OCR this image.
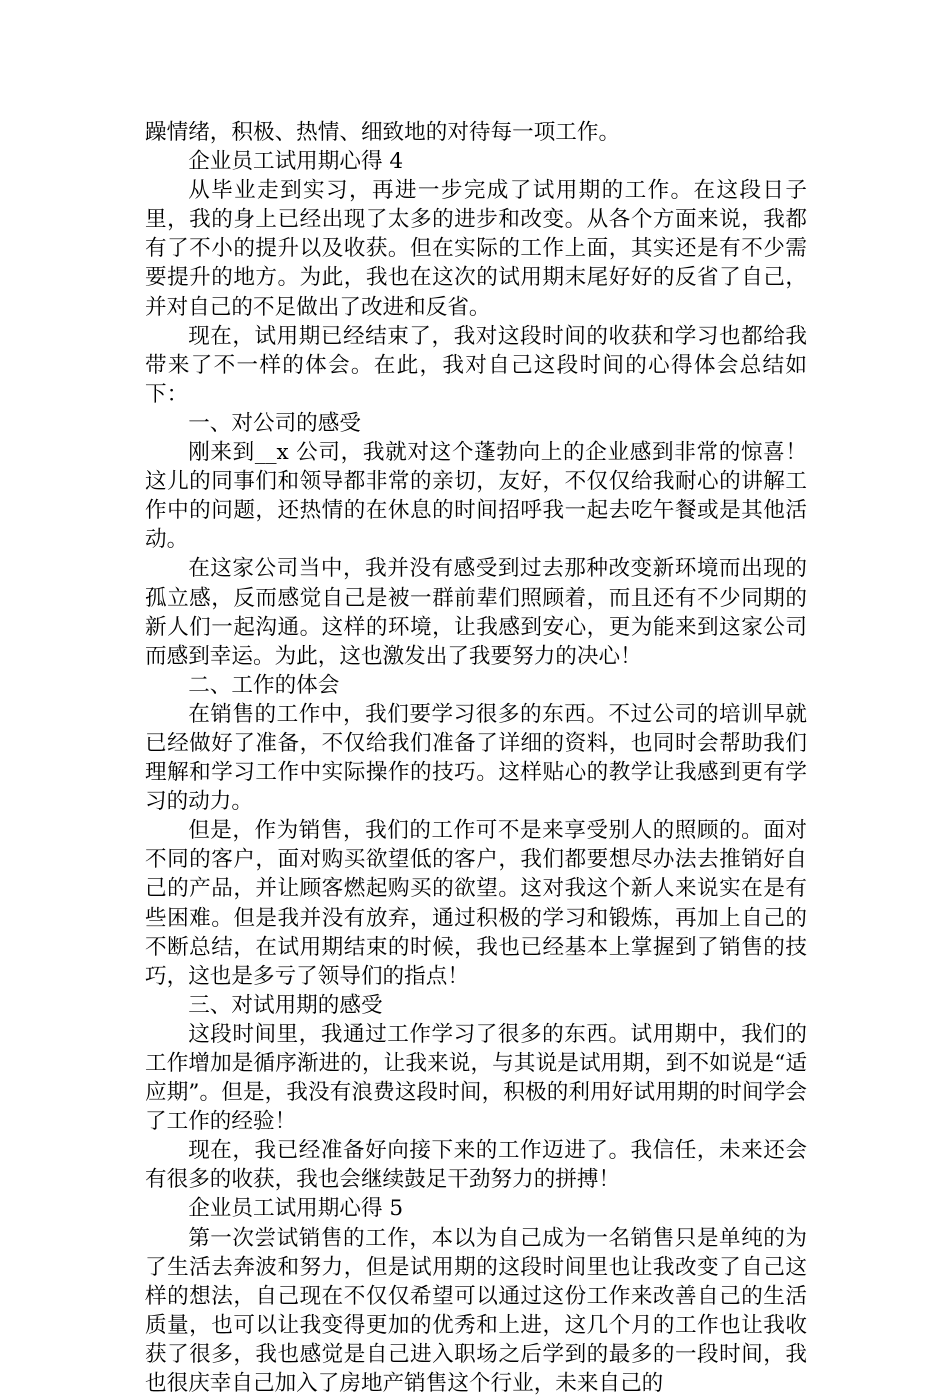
躁情绪，积极、热情、细致地的对待每一项工作。

企业员工试用期心得 4

从毕业走到实习，再进一步完成了试用期的工作。在这段日子里，我的身上已经出现了太多的进步和改变。从各个方面来说，我都有了不小的提升以及收获。但在实际的工作上面，其实还是有不少需要提升的地方。为此，我也在这次的试用期末尾好好的反省了自己，并对自己的不足做出了改进和反省。

现在，试用期已经结束了，我对这段时间的收获和学习也都给我带来了不一样的体会。在此，我对自己这段时间的心得体会总结如下：

一、对公司的感受

刚来到__x 公司，我就对这个蓬勃向上的企业感到非常的惊喜！这儿的同事们和领导都非常的亲切，友好，不仅仅给我耐心的讲解工作中的问题，还热情的在休息的时间招呼我一起去吃午餐或是其他活动。

在这家公司当中，我并没有感受到过去那种改变新环境而出现的孤立感，反而感觉自己是被一群前辈们照顾着，而且还有不少同期的新人们一起沟通。这样的环境，让我感到安心，更为能来到这家公司而感到幸运。为此，这也激发出了我要努力的决心！

二、工作的体会

在销售的工作中，我们要学习很多的东西。不过公司的培训早就已经做好了准备，不仅给我们准备了详细的资料，也同时会帮助我们理解和学习工作中实际操作的技巧。这样贴心的教学让我感到更有学习的动力。

但是，作为销售，我们的工作可不是来享受别人的照顾的。面对不同的客户，面对购买欲望低的客户，我们都要想尽办法去推销好自己的产品，并让顾客燃起购买的欲望。这对我这个新人来说实在是有些困难。但是我并没有放弃，通过积极的学习和锻炼，再加上自己的不断总结，在试用期结束的时候，我也已经基本上掌握到了销售的技巧，这也是多亏了领导们的指点！

三、对试用期的感受

这段时间里，我通过工作学习了很多的东西。试用期中，我们的工作增加是循序渐进的，让我来说，与其说是试用期，到不如说是“适应期”。但是，我没有浪费这段时间，积极的利用好试用期的时间学会了工作的经验！

现在，我已经准备好向接下来的工作迈进了。我信任，未来还会有很多的收获，我也会继续鼓足干劲努力的拼搏！

企业员工试用期心得 5

第一次尝试销售的工作，本以为自己成为一名销售只是单纯的为了生活去奔波和努力，但是试用期的这段时间里也让我改变了自己这样的想法，自己现在不仅仅希望可以通过这份工作来改善自己的生活质量，也可以让我变得更加的优秀和上进，这几个月的工作也让我收获了很多，我也感觉是自己进入职场之后学到的最多的一段时间，我也很庆幸自己加入了房地产销售这个行业，未来自己的
